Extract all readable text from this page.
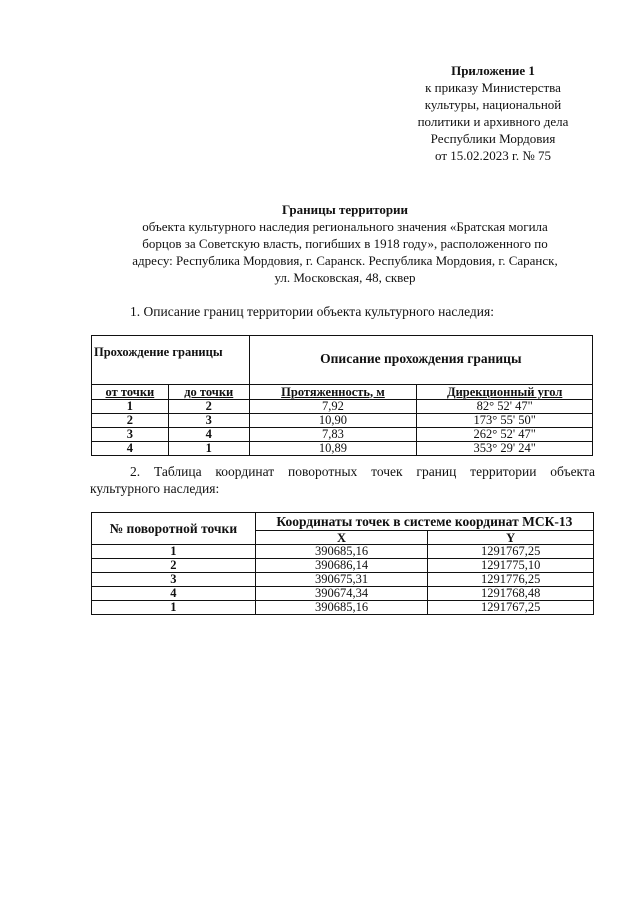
Приложение 1
к приказу Министерства
культуры, национальной
политики и архивного дела
Республики Мордовия
от 15.02.2023 г. № 75
Границы территории
объекта культурного наследия регионального значения «Братская могила
борцов за Советскую власть, погибших в 1918 году», расположенного по
адресу: Республика Мордовия, г. Саранск. Республика Мордовия, г. Саранск,
ул. Московская, 48, сквер
1. Описание границ территории объекта культурного наследия:
Прохождение границы		Описание прохождения границы	
от точки	до точки	Протяженность, м	Дирекционный угол
1	2	7,92	82° 52' 47"
2	3	10,90	173° 55' 50"
3	4	7,83	262° 52' 47"
4	1	10,89	353° 29' 24"
2. Таблица координат поворотных точек границ территории объекта культурного наследия:
№ поворотной точки	Координаты точек в системе координат МСК-13	
	X	Y
1	390685,16	1291767,25
2	390686,14	1291775,10
3	390675,31	1291776,25
4	390674,34	1291768,48
1	390685,16	1291767,25
